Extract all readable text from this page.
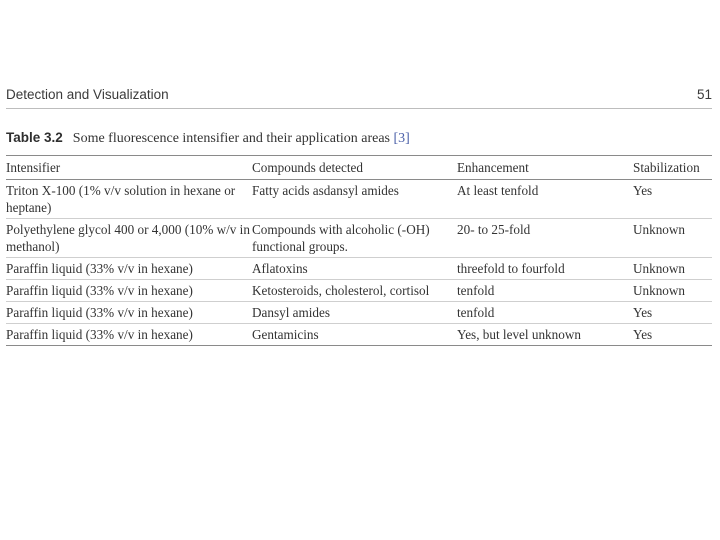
Detection and Visualization	51
Table 3.2 Some fluorescence intensifier and their application areas [3]
Intensifier	Compounds detected	Enhancement	Stabilization
Triton X-100 (1% v/v solution in hexane or heptane)	Fatty acids asdansyl amides	At least tenfold	Yes
Polyethylene glycol 400 or 4,000 (10% w/v in methanol)	Compounds with alcoholic (-OH) functional groups.	20- to 25-fold	Unknown
Paraffin liquid (33% v/v in hexane)	Aflatoxins	threefold to fourfold	Unknown
Paraffin liquid (33% v/v in hexane)	Ketosteroids, cholesterol, cortisol	tenfold	Unknown
Paraffin liquid (33% v/v in hexane)	Dansyl amides	tenfold	Yes
Paraffin liquid (33% v/v in hexane)	Gentamicins	Yes, but level unknown	Yes
